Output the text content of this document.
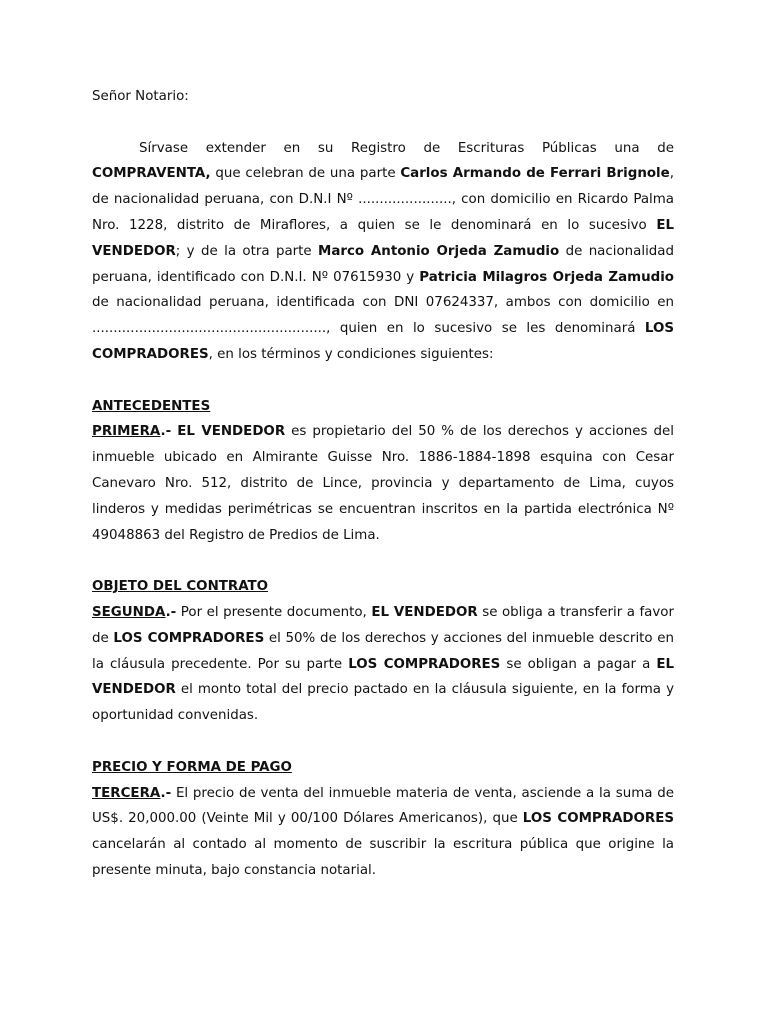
Señor Notario:

Sírvase extender en su Registro de Escrituras Públicas una de COMPRAVENTA, que celebran de una parte Carlos Armando de Ferrari Brignole, de nacionalidad peruana, con D.N.I Nº ......................, con domicilio en Ricardo Palma Nro. 1228, distrito de Miraflores, a quien se le denominará en lo sucesivo EL VENDEDOR; y de la otra parte Marco Antonio Orjeda Zamudio de nacionalidad peruana, identificado con D.N.I. Nº 07615930 y Patricia Milagros Orjeda Zamudio de nacionalidad peruana, identificada con DNI 07624337, ambos con domicilio en ......................................................., quien en lo sucesivo se les denominará LOS COMPRADORES, en los términos y condiciones siguientes:

ANTECEDENTES

PRIMERA.- EL VENDEDOR es propietario del 50 % de los derechos y acciones del inmueble ubicado en Almirante Guisse Nro. 1886-1884-1898 esquina con Cesar Canevaro Nro. 512, distrito de Lince, provincia y departamento de Lima, cuyos linderos y medidas perimétricas se encuentran inscritos en la partida electrónica Nº 49048863 del Registro de Predios de Lima.

OBJETO DEL CONTRATO

SEGUNDA.- Por el presente documento, EL VENDEDOR se obliga a transferir a favor de LOS COMPRADORES el 50% de los derechos y acciones del inmueble descrito en la cláusula precedente. Por su parte LOS COMPRADORES se obligan a pagar a EL VENDEDOR el monto total del precio pactado en la cláusula siguiente, en la forma y oportunidad convenidas.

PRECIO Y FORMA DE PAGO

TERCERA.- El precio de venta del inmueble materia de venta, asciende a la suma de US$. 20,000.00 (Veinte Mil y 00/100 Dólares Americanos), que LOS COMPRADORES cancelarán al contado al momento de suscribir la escritura pública que origine la presente minuta, bajo constancia notarial.
